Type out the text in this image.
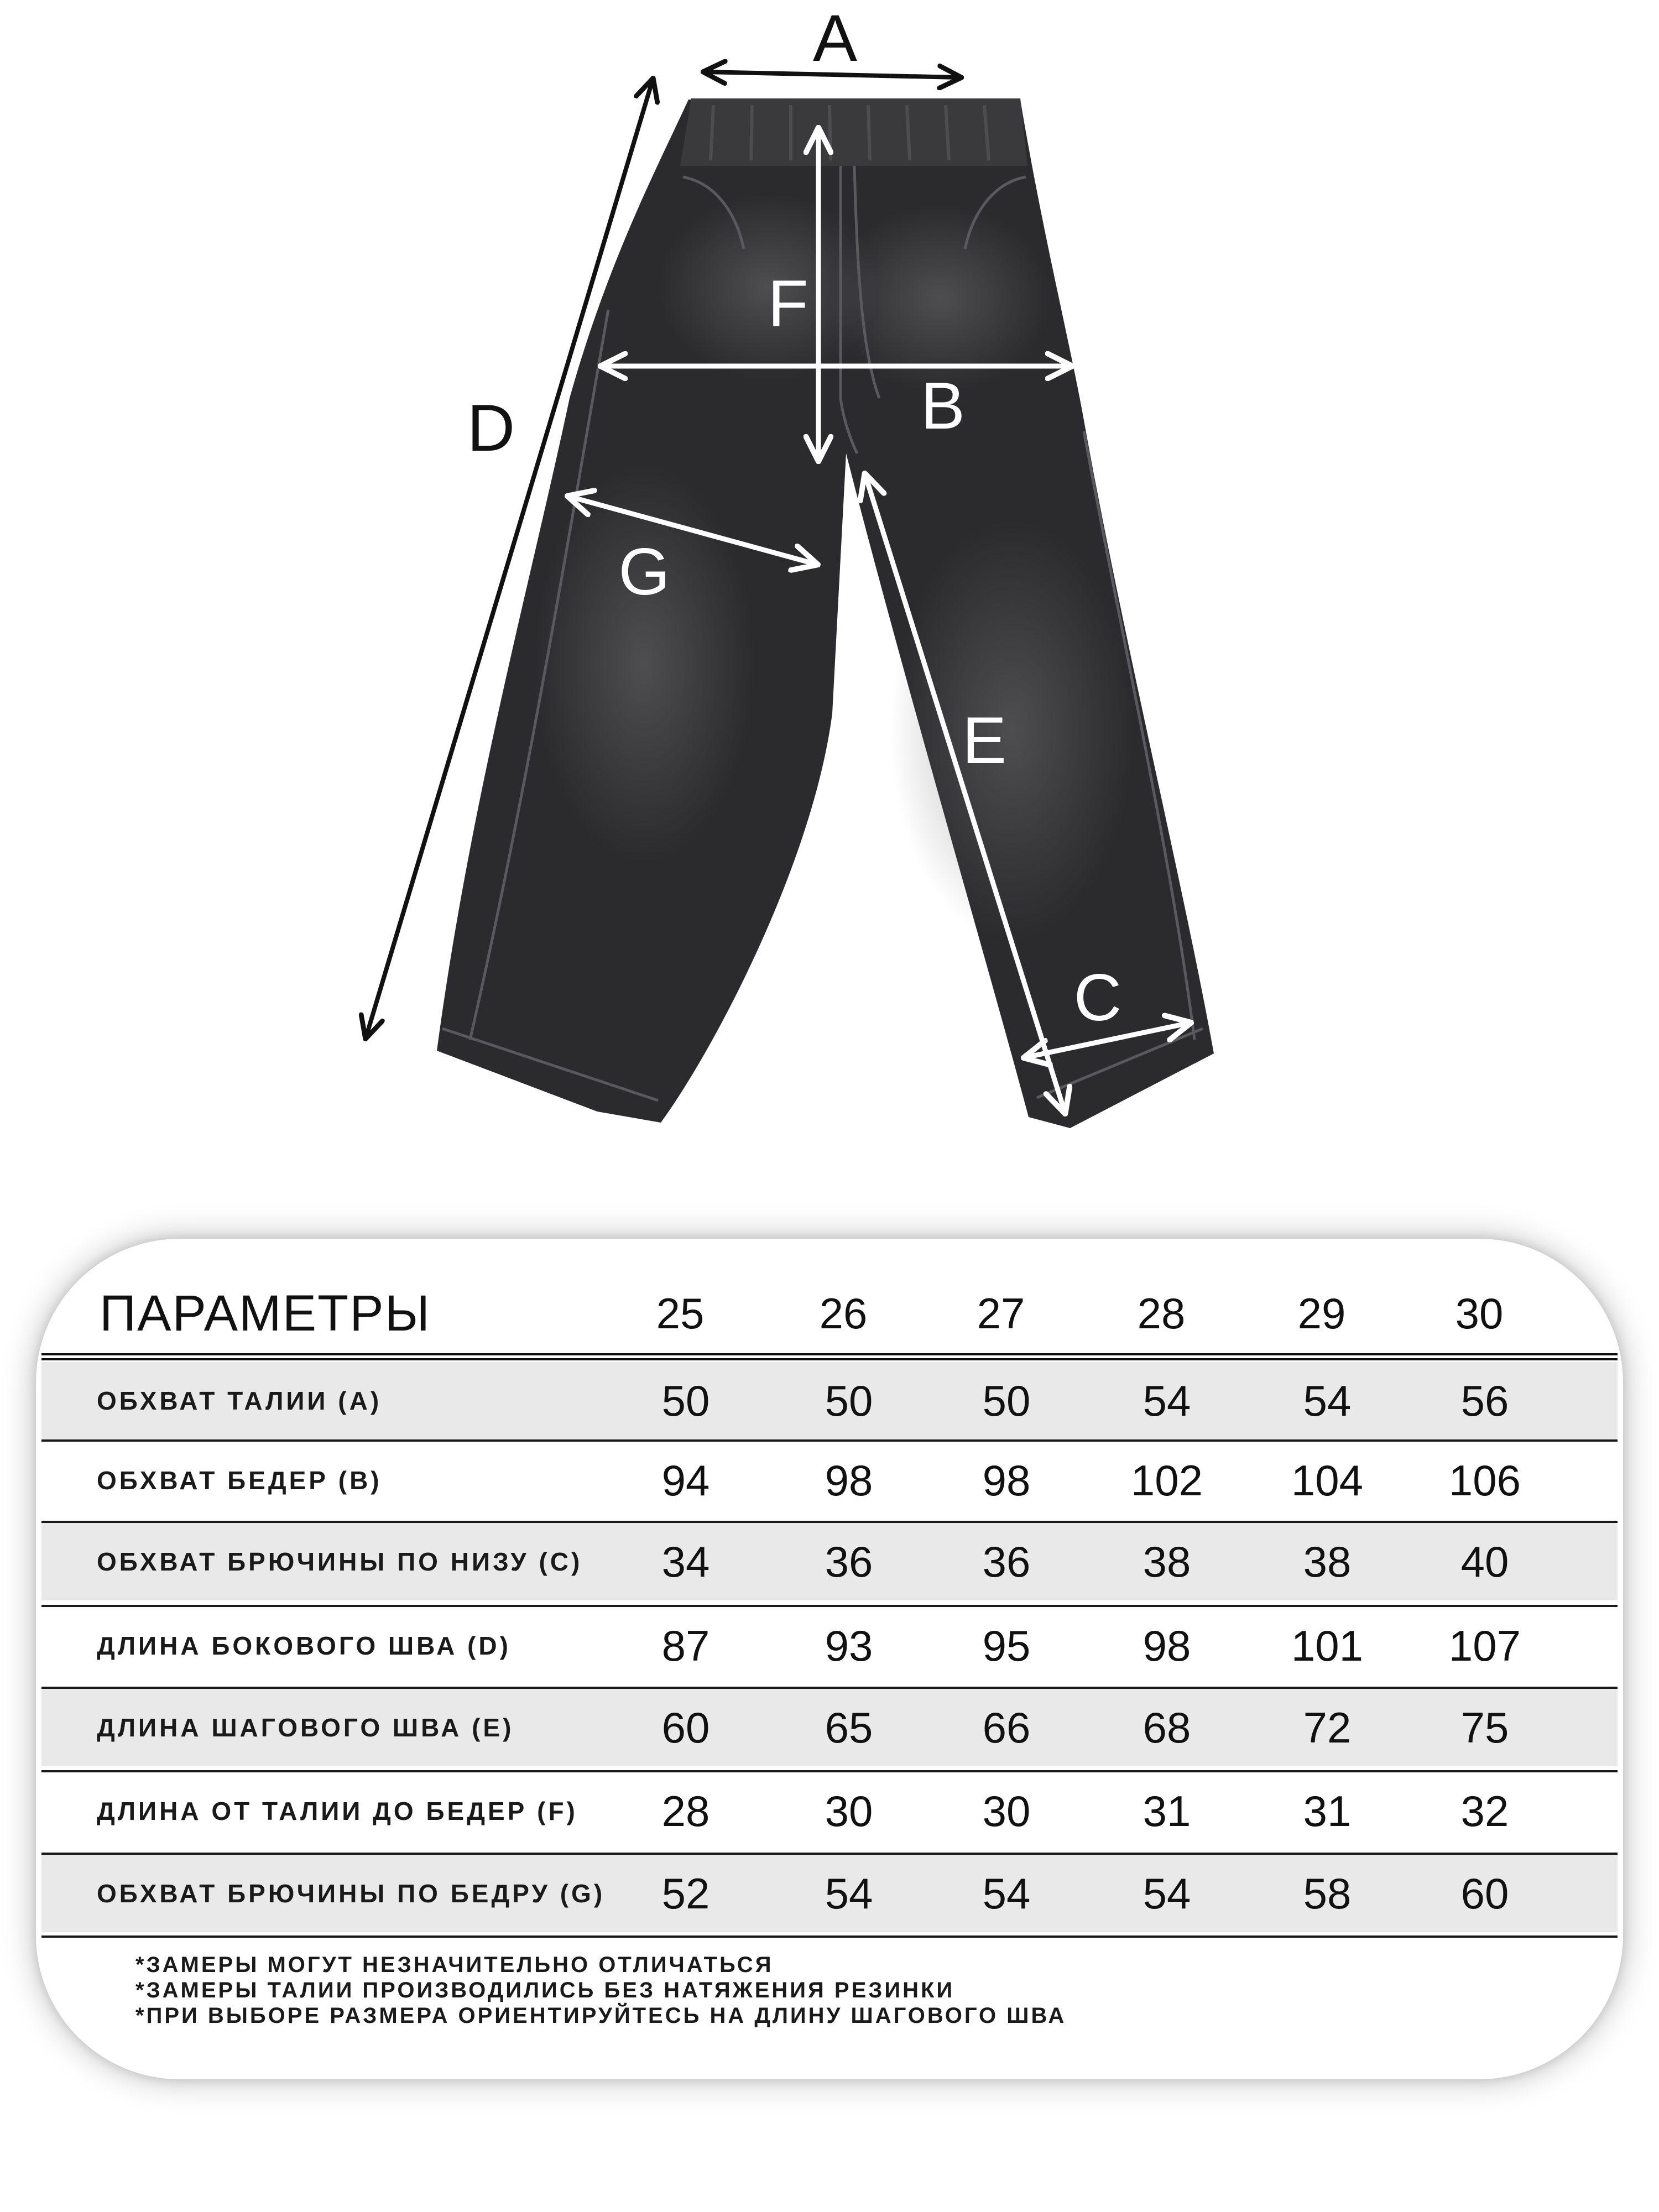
A
D
F
B
G
E
C
ПАРАМЕТРЫ	25	26	27	28	29	30
ОБХВАТ ТАЛИИ (А)	50	50	50	54	54	56
ОБХВАТ БЕДЕР (В)	94	98	98	102	104	106
ОБХВАТ БРЮЧИНЫ ПО НИЗУ (С)	34	36	36	38	38	40
ДЛИНА БОКОВОГО ШВА (D)	87	93	95	98	101	107
ДЛИНА ШАГОВОГО ШВА (Е)	60	65	66	68	72	75
ДЛИНА ОТ ТАЛИИ ДО БЕДЕР (F)	28	30	30	31	31	32
ОБХВАТ БРЮЧИНЫ ПО БЕДРУ (G)	52	54	54	54	58	60
*ЗАМЕРЫ МОГУТ НЕЗНАЧИТЕЛЬНО ОТЛИЧАТЬСЯ
*ЗАМЕРЫ ТАЛИИ ПРОИЗВОДИЛИСЬ БЕЗ НАТЯЖЕНИЯ РЕЗИНКИ
*ПРИ ВЫБОРЕ РАЗМЕРА ОРИЕНТИРУЙТЕСЬ НА ДЛИНУ ШАГОВОГО ШВА
